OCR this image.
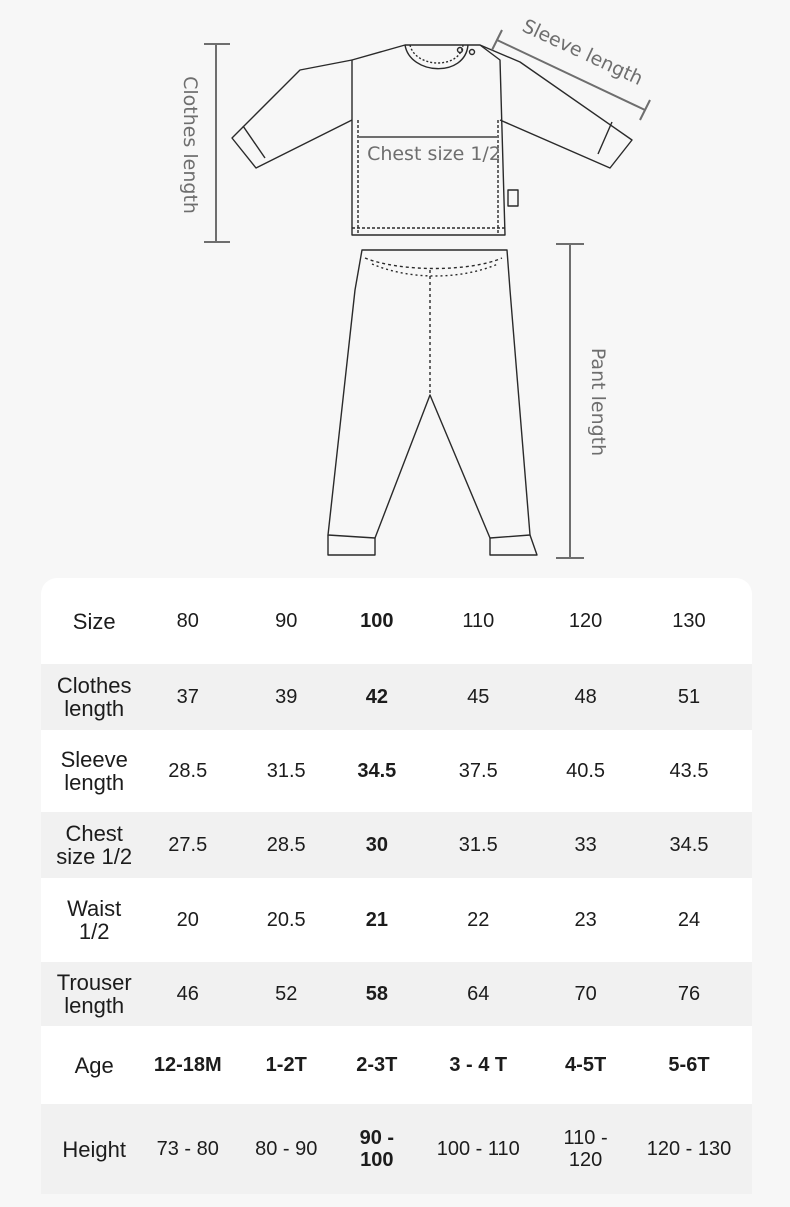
Clothes length
Sleeve length
Chest size 1/2
Pant length
Size	80	90	100	110	120	130
Clothes
length	37	39	42	45	48	51
Sleeve
length	28.5	31.5	34.5	37.5	40.5	43.5
Chest
size 1/2	27.5	28.5	30	31.5	33	34.5
Waist
1/2	20	20.5	21	22	23	24
Trouser
length	46	52	58	64	70	76
Age	12-18M	1-2T	2-3T	3 - 4 T	4-5T	5-6T
Height	73 - 80	80 - 90	90 - 100	100 - 110	110 - 120	120 - 130
